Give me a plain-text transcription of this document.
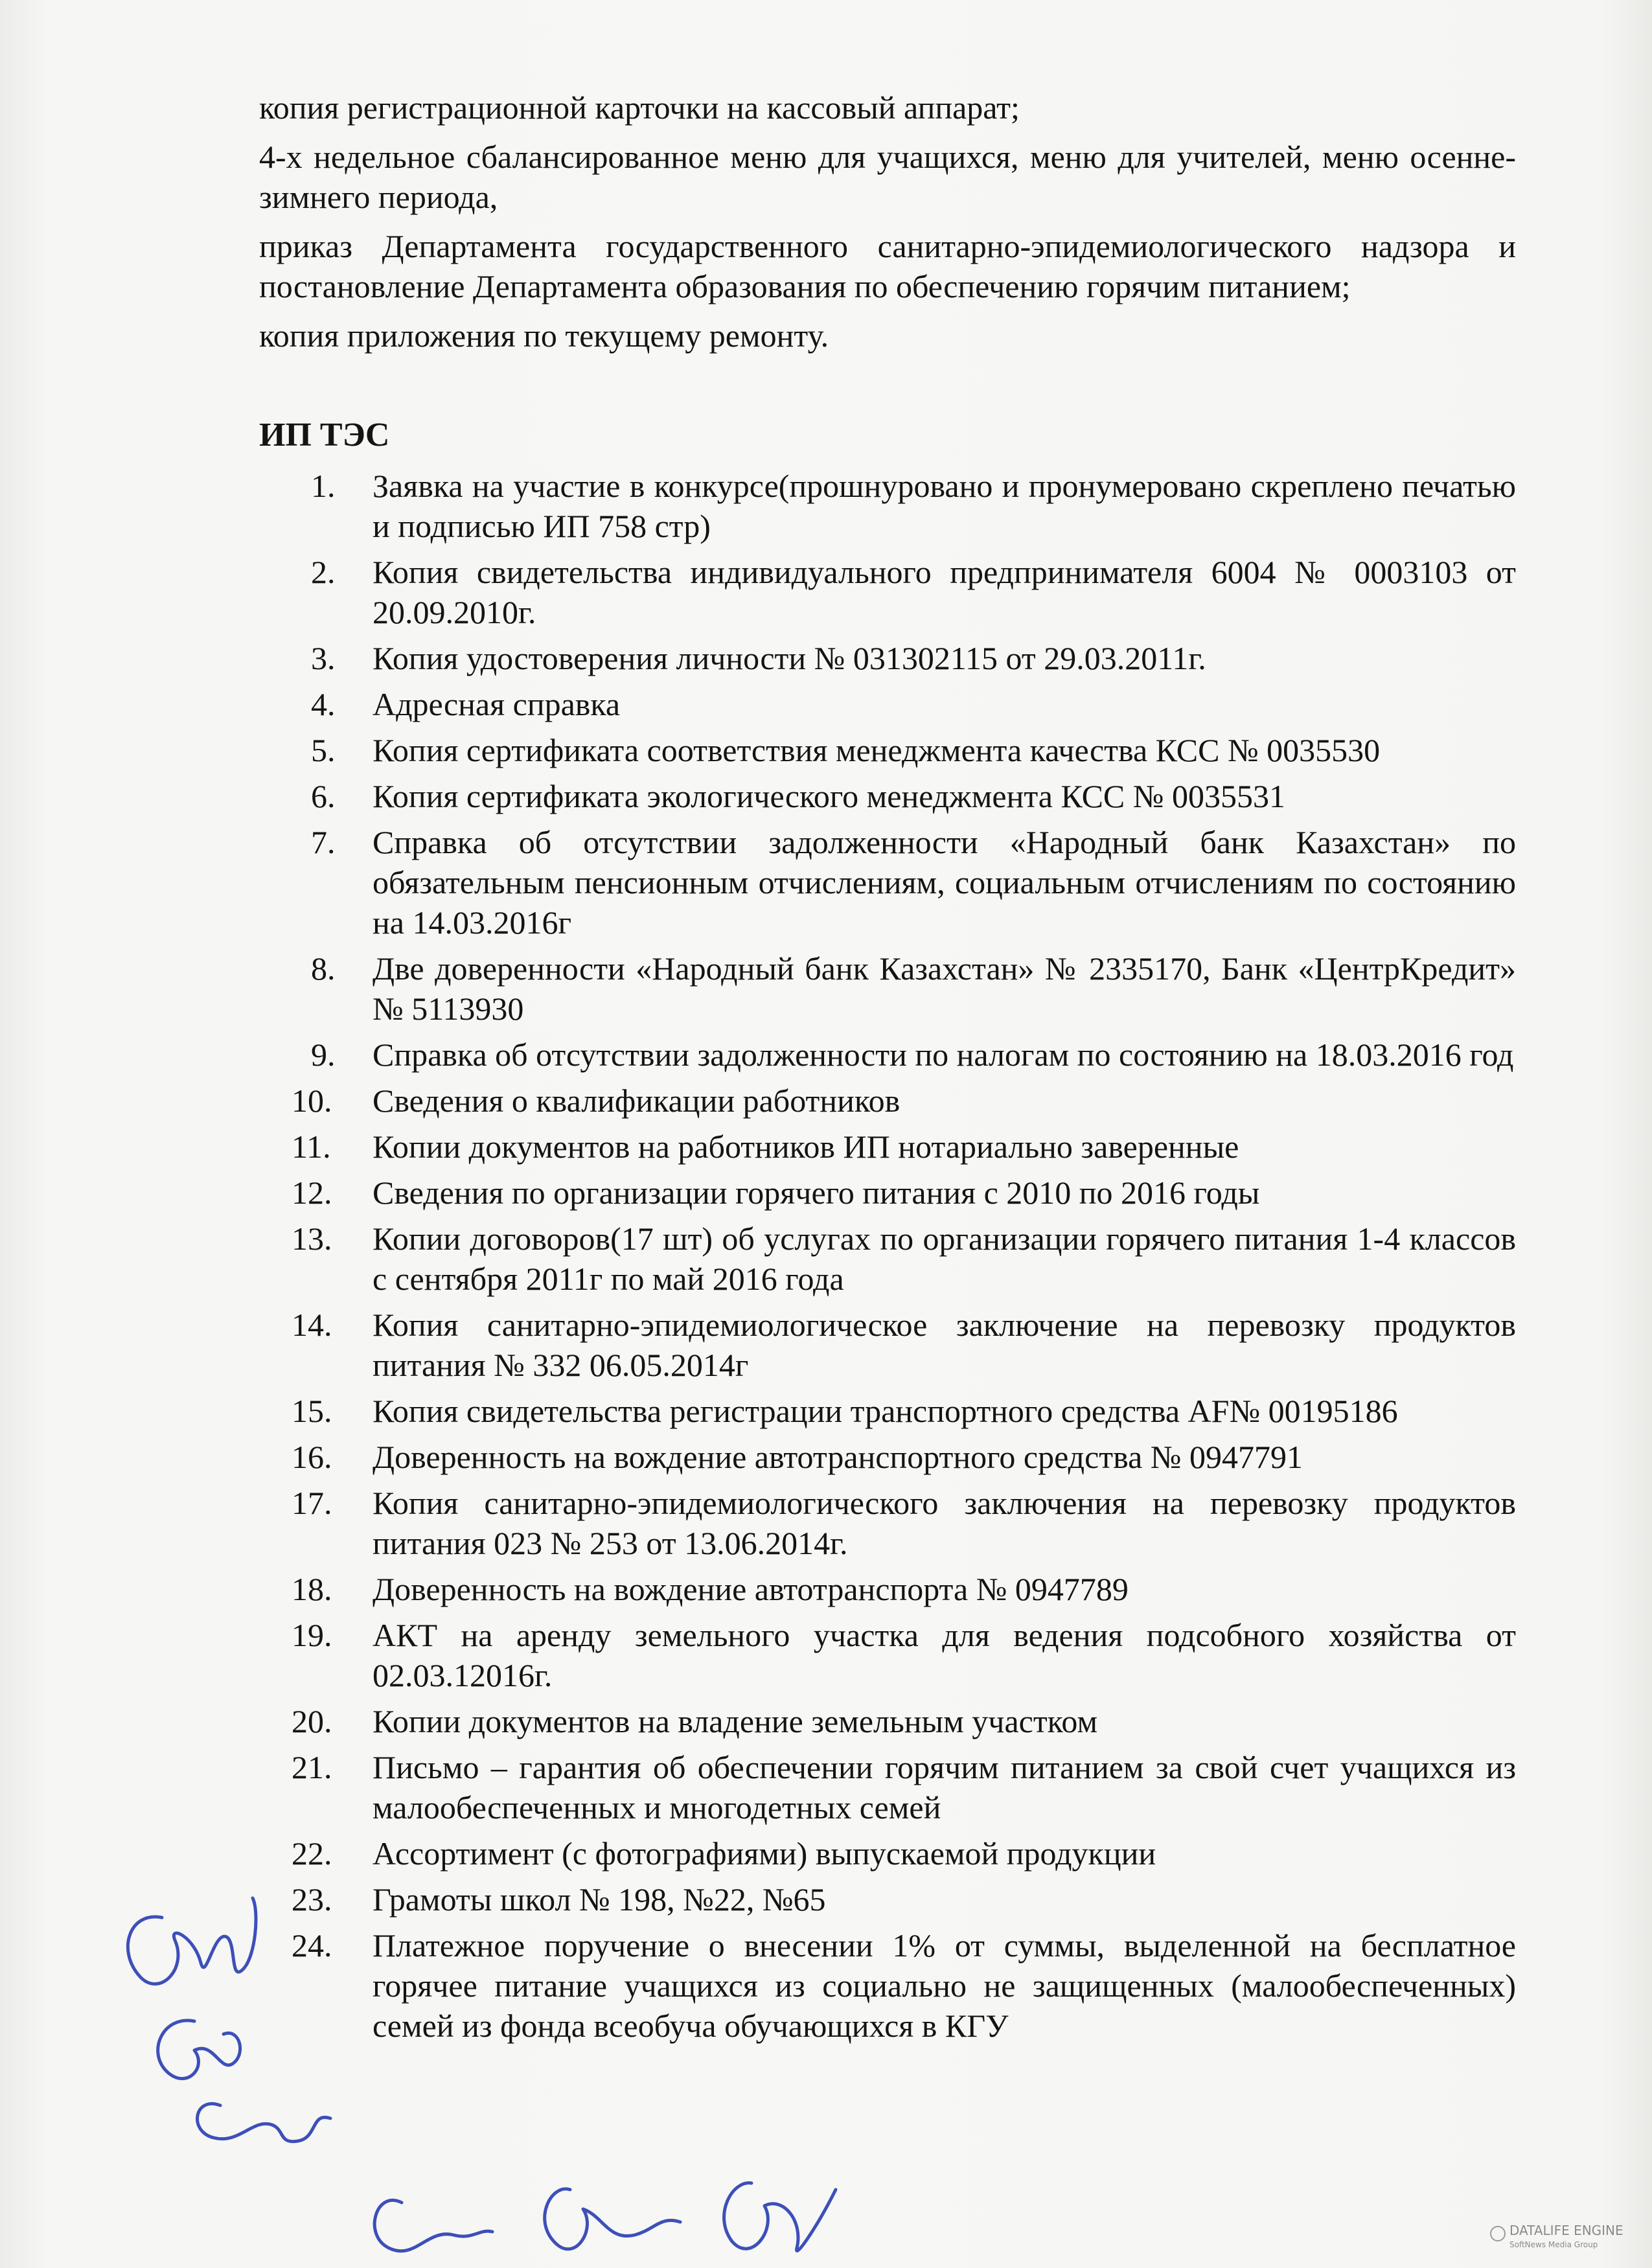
копия регистрационной карточки на кассовый аппарат;

4-х недельное сбалансированное меню для учащихся, меню для учителей, меню осенне-зимнего периода,

приказ Департамента государственного санитарно-эпидемиологического надзора и постановление Департамента образования по обеспечению горячим питанием;

копия приложения по текущему ремонту.

ИП ТЭС
1.	Заявка на участие в конкурсе(прошнуровано и пронумеровано скреплено печатью и подписью ИП 758 стр)
2.	Копия свидетельства индивидуального предпринимателя 6004 № 0003103 от 20.09.2010г.
3.	Копия удостоверения личности № 031302115 от 29.03.2011г.
4.	Адресная справка
5.	Копия сертификата соответствия менеджмента качества КСС № 0035530
6.	Копия сертификата экологического менеджмента КСС № 0035531
7.	Справка об отсутствии задолженности «Народный банк Казахстан» по обязательным пенсионным отчислениям, социальным отчислениям по состоянию на 14.03.2016г
8.	Две доверенности «Народный банк Казахстан» № 2335170, Банк «ЦентрКредит» № 5113930
9.	Справка об отсутствии задолженности по налогам по состоянию на 18.03.2016 год
10.	Сведения о квалификации работников
11.	Копии документов на работников ИП нотариально заверенные
12.	Сведения по организации горячего питания с 2010 по 2016 годы
13.	Копии договоров(17 шт) об услугах по организации горячего питания 1-4 классов с сентября 2011г по май 2016 года
14.	Копия санитарно-эпидемиологическое заключение на перевозку продуктов питания № 332 06.05.2014г
15.	Копия свидетельства регистрации транспортного средства AF№ 00195186
16.	Доверенность на вождение автотранспортного средства № 0947791
17.	Копия санитарно-эпидемиологического заключения на перевозку продуктов питания 023 № 253 от 13.06.2014г.
18.	Доверенность на вождение автотранспорта № 0947789
19.	АКТ на аренду земельного участка для ведения подсобного хозяйства от 02.03.12016г.
20.	Копии документов на владение земельным участком
21.	Письмо – гарантия об обеспечении горячим питанием за свой счет учащихся из малообеспеченных и многодетных семей
22.	Ассортимент (с фотографиями) выпускаемой продукции
23.	Грамоты школ № 198, №22, №65
24.	Платежное поручение о внесении 1% от суммы, выделенной на бесплатное горячее питание учащихся из социально не защищенных (малообеспеченных) семей из фонда всеобуча обучающихся в КГУ
DATALIFE ENGINE
SoftNews Media Group
